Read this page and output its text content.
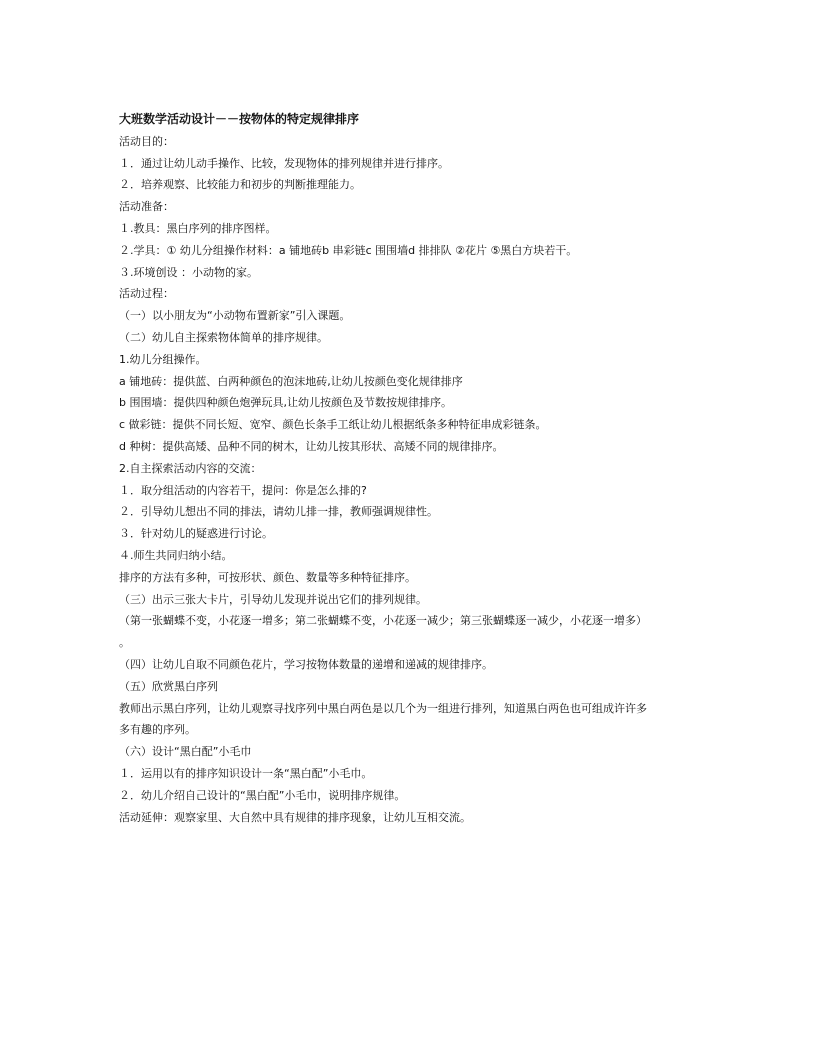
大班数学活动设计－－按物体的特定规律排序

活动目的：

１．通过让幼儿动手操作、比较，发现物体的排列规律并进行排序。

２．培养观察、比较能力和初步的判断推理能力。

活动准备：

１.教具：黑白序列的排序图样。

２.学具：① 幼儿分组操作材料：a 铺地砖b 串彩链c 围围墙d 排排队 ②花片 ⑤黑白方块若干。

３.环境创设 ：小动物的家。

活动过程：

（一）以小朋友为“小动物布置新家”引入课题。

（二）幼儿自主探索物体简单的排序规律。

1.幼儿分组操作。

a 铺地砖：提供蓝、白两种颜色的泡沫地砖,让幼儿按颜色变化规律排序

b 围围墙：提供四种颜色炮弹玩具,让幼儿按颜色及节数按规律排序。

c 做彩链：提供不同长短、宽窄、颜色长条手工纸让幼儿根据纸条多种特征串成彩链条。

d 种树：提供高矮、品种不同的树木，让幼儿按其形状、高矮不同的规律排序。

2.自主探索活动内容的交流：

１．取分组活动的内容若干，提问：你是怎么排的?

２．引导幼儿想出不同的排法，请幼儿排一排，教师强调规律性。

３．针对幼儿的疑惑进行讨论。

４.师生共同归纳小结。

排序的方法有多种，可按形状、颜色、数量等多种特征排序。

（三）出示三张大卡片，引导幼儿发现并说出它们的排列规律。

（第一张蝴蝶不变，小花逐一增多；第二张蝴蝶不变，小花逐一减少；第三张蝴蝶逐一减少，小花逐一增多）

。

（四）让幼儿自取不同颜色花片，学习按物体数量的递增和递减的规律排序。

（五）欣赏黑白序列

教师出示黑白序列，让幼儿观察寻找序列中黑白两色是以几个为一组进行排列，知道黑白两色也可组成许许多

多有趣的序列。

（六）设计“黑白配”小毛巾

１．运用以有的排序知识设计一条“黑白配”小毛巾。

２．幼儿介绍自己设计的“黑白配”小毛巾，说明排序规律。

活动延伸：观察家里、大自然中具有规律的排序现象，让幼儿互相交流。
